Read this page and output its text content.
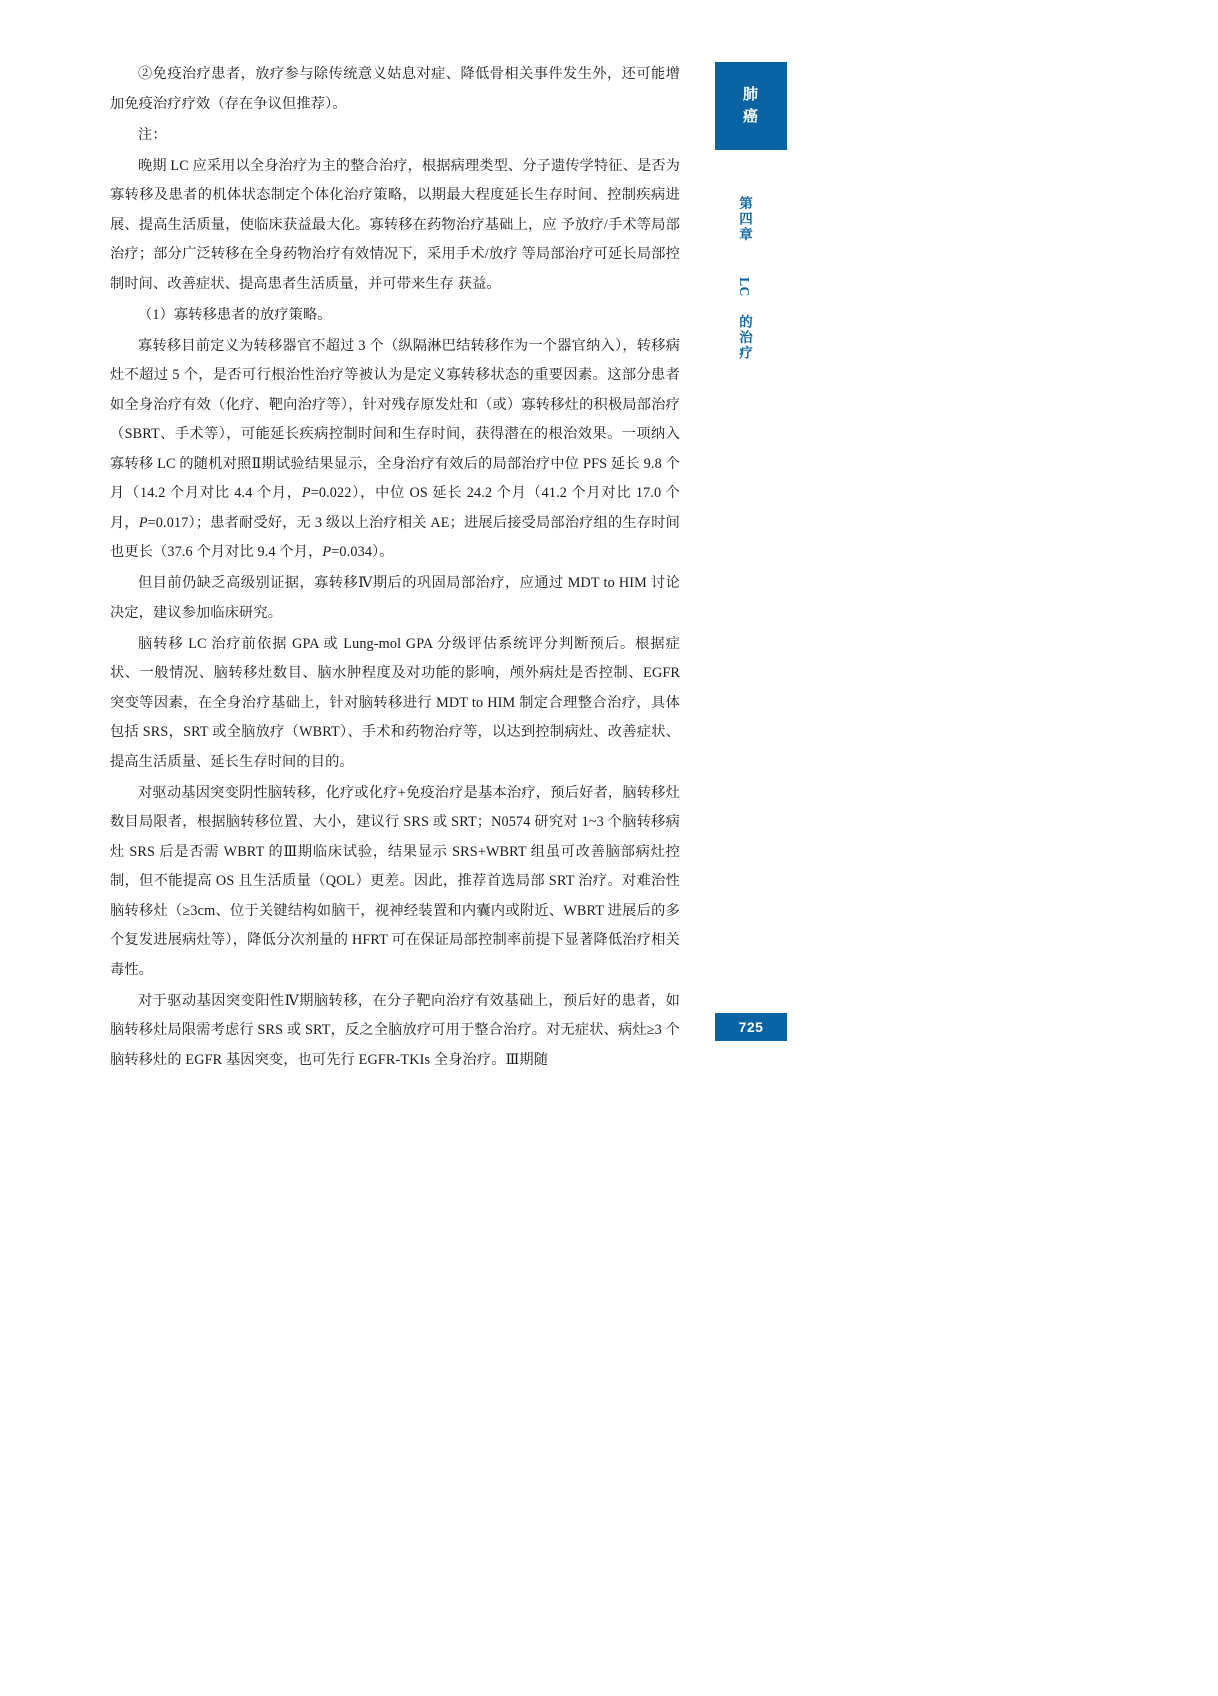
②免疫治疗患者，放疗参与除传统意义姑息对症、降低骨相关事件发生外，还可能增加免疫治疗疗效（存在争议但推荐）。

注：

晚期 LC 应采用以全身治疗为主的整合治疗，根据病理类型、分子遗传学特征、是否为寡转移及患者的机体状态制定个体化治疗策略，以期最大程度延长生存时间、控制疾病进展、提高生活质量，使临床获益最大化。寡转移在药物治疗基础上，应 予放疗/手术等局部治疗；部分广泛转移在全身药物治疗有效情况下，采用手术/放疗 等局部治疗可延长局部控制时间、改善症状、提高患者生活质量，并可带来生存 获益。

（1）寡转移患者的放疗策略。

寡转移目前定义为转移器官不超过 3 个（纵隔淋巴结转移作为一个器官纳入），转移病灶不超过 5 个，是否可行根治性治疗等被认为是定义寡转移状态的重要因素。这部分患者如全身治疗有效（化疗、靶向治疗等），针对残存原发灶和（或）寡转移灶的积极局部治疗（SBRT、手术等），可能延长疾病控制时间和生存时间，获得潜在的根治效果。一项纳入寡转移 LC 的随机对照Ⅱ期试验结果显示，全身治疗有效后的局部治疗中位 PFS 延长 9.8 个月（14.2 个月对比 4.4 个月，P=0.022），中位 OS 延长 24.2 个月（41.2 个月对比 17.0 个月，P=0.017）；患者耐受好，无 3 级以上治疗相关 AE；进展后接受局部治疗组的生存时间也更长（37.6 个月对比 9.4 个月，P=0.034）。

但目前仍缺乏高级别证据，寡转移Ⅳ期后的巩固局部治疗，应通过 MDT to HIM 讨论决定，建议参加临床研究。

脑转移 LC 治疗前依据 GPA 或 Lung-mol GPA 分级评估系统评分判断预后。根据症状、一般情况、脑转移灶数目、脑水肿程度及对功能的影响，颅外病灶是否控制、EGFR 突变等因素，在全身治疗基础上，针对脑转移进行 MDT to HIM 制定合理整合治疗，具体包括 SRS，SRT 或全脑放疗（WBRT）、手术和药物治疗等，以达到控制病灶、改善症状、提高生活质量、延长生存时间的目的。

对驱动基因突变阴性脑转移，化疗或化疗+免疫治疗是基本治疗，预后好者，脑转移灶数目局限者，根据脑转移位置、大小，建议行 SRS 或 SRT；N0574 研究对 1~3 个脑转移病灶 SRS 后是否需 WBRT 的Ⅲ期临床试验，结果显示 SRS+WBRT 组虽可改善脑部病灶控制，但不能提高 OS 且生活质量（QOL）更差。因此，推荐首选局部 SRT 治疗。对难治性脑转移灶（≥3cm、位于关键结构如脑干，视神经装置和内囊内或附近、WBRT 进展后的多个复发进展病灶等），降低分次剂量的 HFRT 可在保证局部控制率前提下显著降低治疗相关毒性。

对于驱动基因突变阳性Ⅳ期脑转移，在分子靶向治疗有效基础上，预后好的患者，如脑转移灶局限需考虑行 SRS 或 SRT，反之全脑放疗可用于整合治疗。对无症状、病灶≥3 个脑转移灶的 EGFR 基因突变，也可先行 EGFR-TKIs 全身治疗。Ⅲ期随

肺
癌
第四章 LC 的治疗
725
